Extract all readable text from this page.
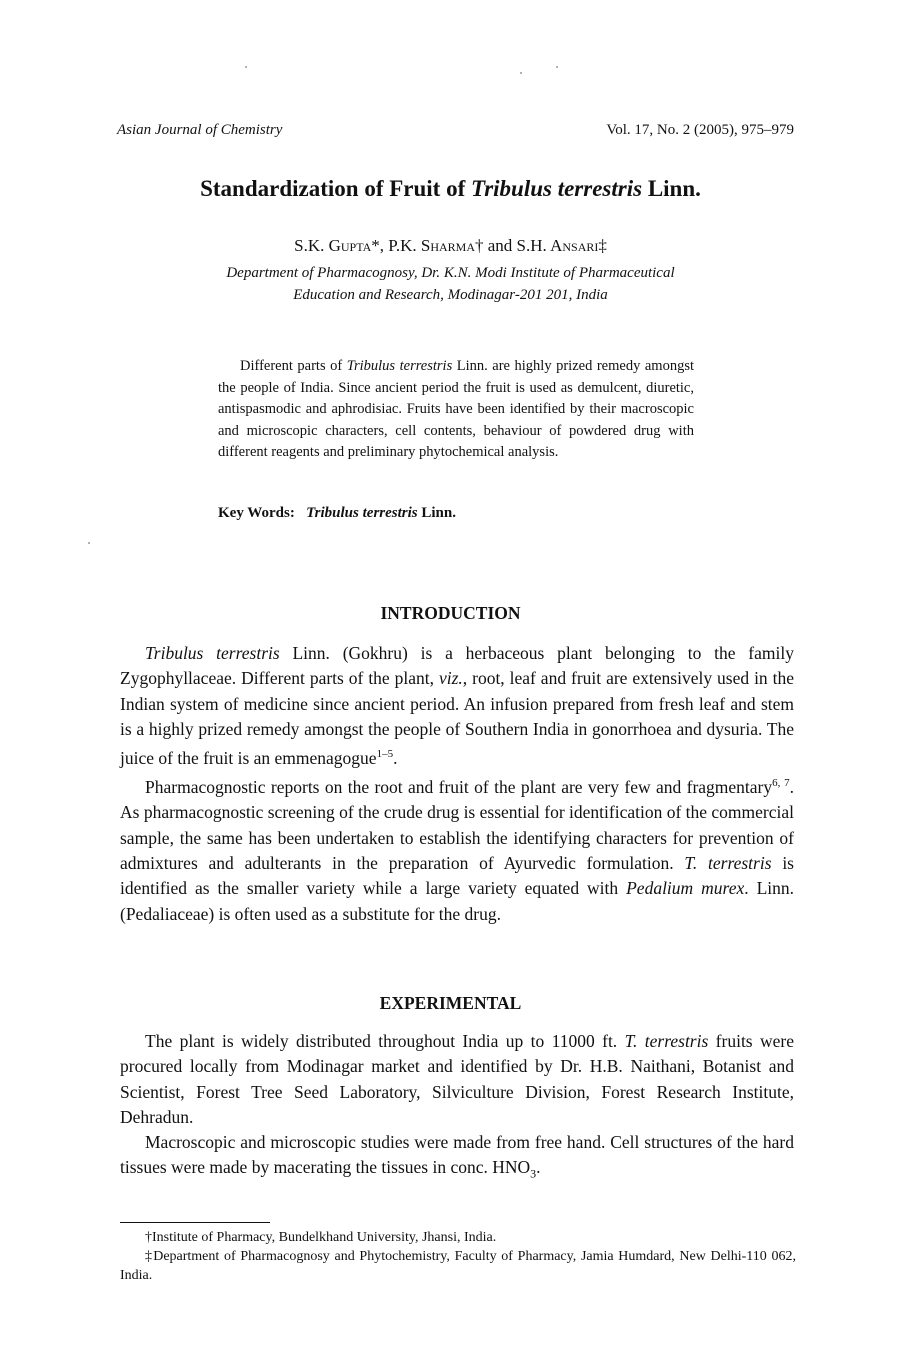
Asian Journal of Chemistry	Vol. 17, No. 2 (2005), 975–979
Standardization of Fruit of Tribulus terrestris Linn.
S.K. Gupta*, P.K. Sharma† and S.H. Ansari‡
Department of Pharmacognosy, Dr. K.N. Modi Institute of Pharmaceutical
Education and Research, Modinagar-201 201, India
Different parts of Tribulus terrestris Linn. are highly prized remedy amongst the people of India. Since ancient period the fruit is used as demulcent, diuretic, antispasmodic and aphrodisiac. Fruits have been identified by their macroscopic and microscopic characters, cell contents, behaviour of powdered drug with different reagents and preliminary phytochemical analysis.
Key Words: Tribulus terrestris Linn.
INTRODUCTION

Tribulus terrestris Linn. (Gokhru) is a herbaceous plant belonging to the family Zygophyllaceae. Different parts of the plant, viz., root, leaf and fruit are extensively used in the Indian system of medicine since ancient period. An infusion prepared from fresh leaf and stem is a highly prized remedy amongst the people of Southern India in gonorrhoea and dysuria. The juice of the fruit is an emmenagogue$^{1-5}$.

Pharmacognostic reports on the root and fruit of the plant are very few and fragmentary$^{6, 7}$. As pharmacognostic screening of the crude drug is essential for identification of the commercial sample, the same has been undertaken to establish the identifying characters for prevention of admixtures and adulterants in the preparation of Ayurvedic formulation. T. terrestris is identified as the smaller variety while a large variety equated with Pedalium murex. Linn. (Pedaliaceae) is often used as a substitute for the drug.

EXPERIMENTAL

The plant is widely distributed throughout India up to 11000 ft. T. terrestris fruits were procured locally from Modinagar market and identified by Dr. H.B. Naithani, Botanist and Scientist, Forest Tree Seed Laboratory, Silviculture Division, Forest Research Institute, Dehradun.

Macroscopic and microscopic studies were made from free hand. Cell structures of the hard tissues were made by macerating the tissues in conc. $HNO_3$.

†Institute of Pharmacy, Bundelkhand University, Jhansi, India.

‡Department of Pharmacognosy and Phytochemistry, Faculty of Pharmacy, Jamia Humdard, New Delhi-110 062, India.
